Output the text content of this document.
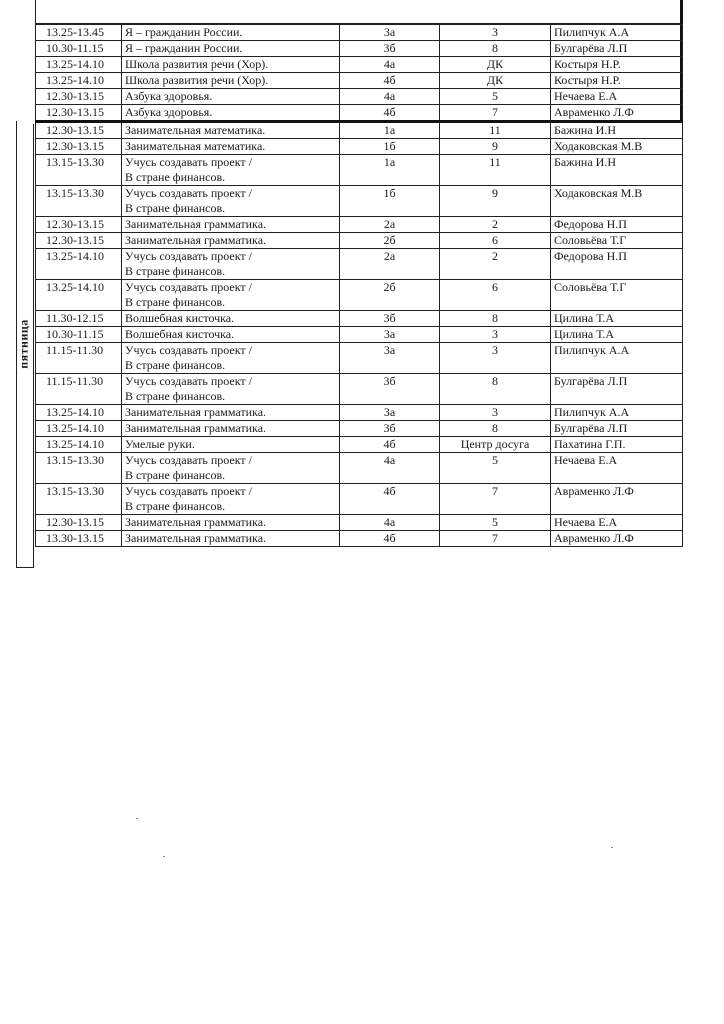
пятница
13.25-13.45	Я – гражданин России.	3а	3	Пилипчук А.А
10.30-11.15	Я – гражданин России.	3б	8	Булгарёва Л.П
13.25-14.10	Школа развития речи (Хор).	4а	ДК	Костыря Н.Р.
13.25-14.10	Школа развития речи (Хор).	4б	ДК	Костыря Н.Р.
12.30-13.15	Азбука здоровья.	4а	5	Нечаева Е.А
12.30-13.15	Азбука здоровья.	4б	7	Авраменко Л.Ф
12.30-13.15	Занимательная математика.	1а	11	Бажина И.Н
12.30-13.15	Занимательная математика.	1б	9	Ходаковская М.В
13.15-13.30	Учусь создавать проект /
В стране финансов.	1а	11	Бажина И.Н
13.15-13.30	Учусь создавать проект /
В стране финансов.	1б	9	Ходаковская М.В
12.30-13.15	Занимательная грамматика.	2а	2	Федорова Н.П
12.30-13.15	Занимательная грамматика.	2б	6	Соловьёва Т.Г
13.25-14.10	Учусь создавать проект /
В стране финансов.	2а	2	Федорова Н.П
13.25-14.10	Учусь создавать проект /
В стране финансов.	2б	6	Соловьёва Т.Г
11.30-12.15	Волшебная кисточка.	3б	8	Цилина Т.А
10.30-11.15	Волшебная кисточка.	3а	3	Цилина Т.А
11.15-11.30	Учусь создавать проект /
В стране финансов.	3а	3	Пилипчук А.А
11.15-11.30	Учусь создавать проект /
В стране финансов.	3б	8	Булгарёва Л.П
13.25-14.10	Занимательная грамматика.	3а	3	Пилипчук А.А
13.25-14.10	Занимательная грамматика.	3б	8	Булгарёва Л.П
13.25-14.10	Умелые руки.	4б	Центр досуга	Пахатина Г.П.
13.15-13.30	Учусь создавать проект /
В стране финансов.	4а	5	Нечаева Е.А
13.15-13.30	Учусь создавать проект /
В стране финансов.	4б	7	Авраменко Л.Ф
12.30-13.15	Занимательная грамматика.	4а	5	Нечаева Е.А
13.30-13.15	Занимательная грамматика.	4б	7	Авраменко Л.Ф
